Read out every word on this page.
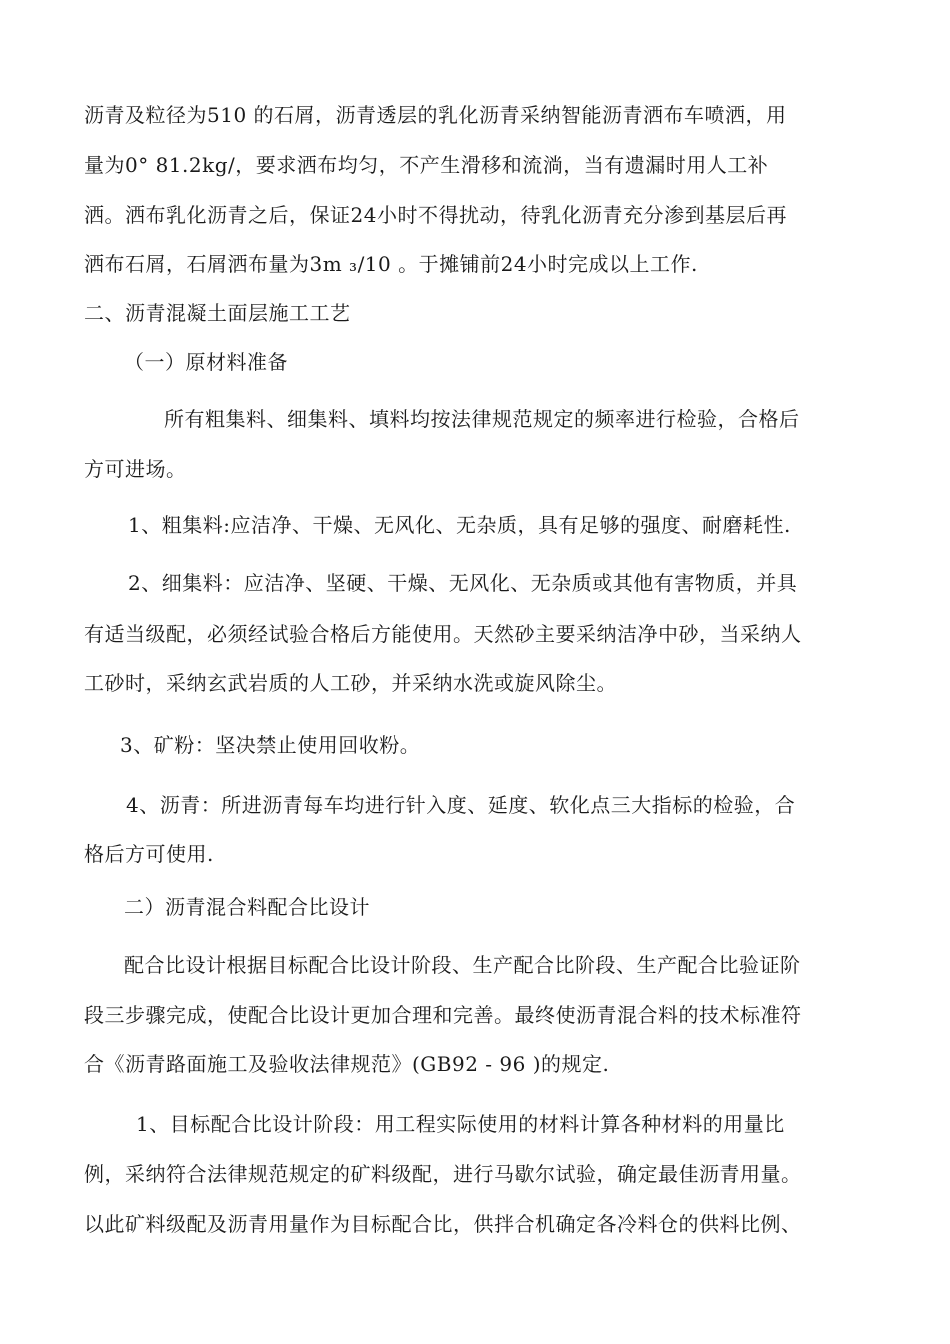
沥青及粒径为510 的石屑，沥青透层的乳化沥青采纳智能沥青洒布车喷洒，用
量为0° 81.2kg/，要求洒布均匀，不产生滑移和流淌，当有遗漏时用人工补
洒。洒布乳化沥青之后，保证24小时不得扰动，待乳化沥青充分渗到基层后再
洒布石屑，石屑洒布量为3m ₃/10 。于摊铺前24小时完成以上工作.
二、沥青混凝土面层施工工艺
（一）原材料准备
所有粗集料、细集料、填料均按法律规范规定的频率进行检验，合格后
方可进场。
1、粗集料:应洁净、干燥、无风化、无杂质，具有足够的强度、耐磨耗性.
2、细集料：应洁净、坚硬、干燥、无风化、无杂质或其他有害物质，并具
有适当级配，必须经试验合格后方能使用。天然砂主要采纳洁净中砂，当采纳人
工砂时，采纳玄武岩质的人工砂，并采纳水洗或旋风除尘。
3、矿粉：坚决禁止使用回收粉。
4、沥青：所进沥青每车均进行针入度、延度、软化点三大指标的检验，合
格后方可使用.
二）沥青混合料配合比设计
配合比设计根据目标配合比设计阶段、生产配合比阶段、生产配合比验证阶
段三步骤完成，使配合比设计更加合理和完善。最终使沥青混合料的技术标准符
合《沥青路面施工及验收法律规范》(GB92 - 96 )的规定.
1、目标配合比设计阶段：用工程实际使用的材料计算各种材料的用量比
例，采纳符合法律规范规定的矿料级配，进行马歇尔试验，确定最佳沥青用量。
以此矿料级配及沥青用量作为目标配合比，供拌合机确定各冷料仓的供料比例、
